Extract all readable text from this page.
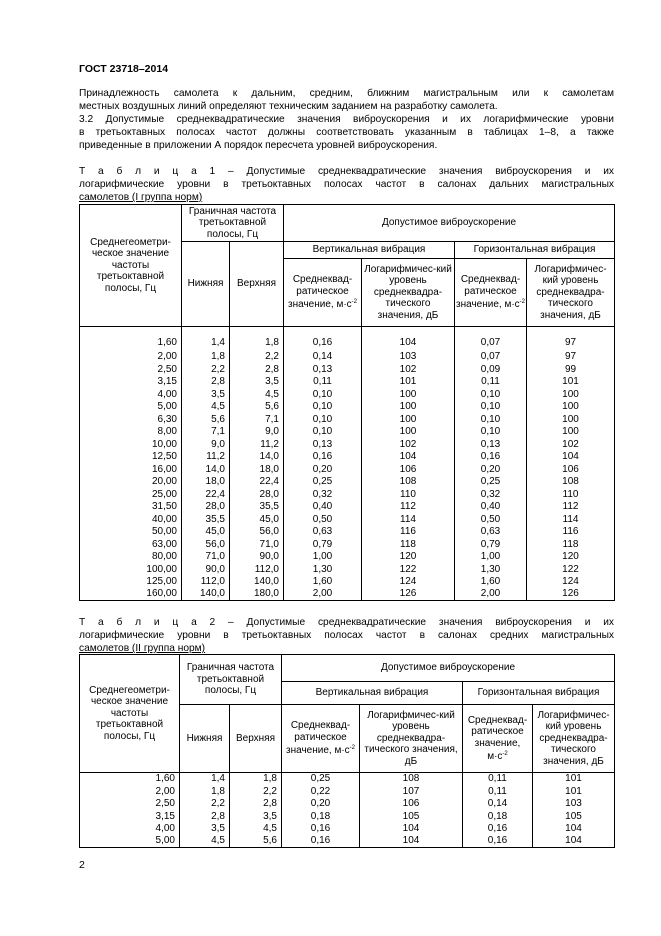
ГОСТ 23718–2014
Принадлежность самолета к дальним, средним, ближним магистральным или к самолетам
местных воздушных линий определяют техническим заданием на разработку самолета.
3.2 Допустимые среднеквадратические значения виброускорения и их логарифмические уровни
в третьоктавных полосах частот должны соответствовать указанным в таблицах 1–8, а также
приведенные в приложении А порядок пересчета уровней виброускорения.
Т а б л и ц а 1 – Допустимые среднеквадратические значения виброускорения и их
логарифмические уровни в третьоктавных полосах частот в салонах дальних магистральных
самолетов (I группа норм)
Среднегеометри-ческое значение частоты третьоктавной полосы, Гц	Граничная частота третьоктавной полосы, Гц		Допустимое виброускорение			
	Нижняя	Верхняя	Вертикальная вибрация		Горизонтальная вибрация	
			Среднеквад-ратическое значение, $м\cdot с^{-2}$	Логарифмичес-кий уровень среднеквадра-тического значения, дБ	Среднеквад-ратическое значение, $м\cdot с^{-2}$	Логарифмичес-кий уровень среднеквадра-тического значения, дБ
1,60	1,4	1,8	0,16	104	0,07	97
2,00	1,8	2,2	0,14	103	0,07	97
2,50	2,2	2,8	0,13	102	0,09	99
3,15	2,8	3,5	0,11	101	0,11	101
4,00	3,5	4,5	0,10	100	0,10	100
5,00	4,5	5,6	0,10	100	0,10	100
6,30	5,6	7,1	0,10	100	0,10	100
8,00	7,1	9,0	0,10	100	0,10	100
10,00	9,0	11,2	0,13	102	0,13	102
12,50	11,2	14,0	0,16	104	0,16	104
16,00	14,0	18,0	0,20	106	0,20	106
20,00	18,0	22,4	0,25	108	0,25	108
25,00	22,4	28,0	0,32	110	0,32	110
31,50	28,0	35,5	0,40	112	0,40	112
40,00	35,5	45,0	0,50	114	0,50	114
50,00	45,0	56,0	0,63	116	0,63	116
63,00	56,0	71,0	0,79	118	0,79	118
80,00	71,0	90,0	1,00	120	1,00	120
100,00	90,0	112,0	1,30	122	1,30	122
125,00	112,0	140,0	1,60	124	1,60	124
160,00	140,0	180,0	2,00	126	2,00	126
Т а б л и ц а 2 – Допустимые среднеквадратические значения виброускорения и их
логарифмические уровни в третьоктавных полосах частот в салонах средних магистральных
самолетов (II группа норм)
Среднегеометри-ческое значение частоты третьоктавной полосы, Гц	Граничная частота третьоктавной полосы, Гц		Допустимое виброускорение			
			Вертикальная вибрация		Горизонтальная вибрация	
	Нижняя	Верхняя	Среднеквад-ратическое значение, $м\cdot с^{-2}$	Логарифмичес-кий уровень среднеквадра-тического значения, дБ	Среднеквад-ратическое значение, $м\cdot с^{-2}$	Логарифмичес-кий уровень среднеквадра-тического значения, дБ
1,60	1,4	1,8	0,25	108	0,11	101
2,00	1,8	2,2	0,22	107	0,11	101
2,50	2,2	2,8	0,20	106	0,14	103
3,15	2,8	3,5	0,18	105	0,18	105
4,00	3,5	4,5	0,16	104	0,16	104
5,00	4,5	5,6	0,16	104	0,16	104
2
